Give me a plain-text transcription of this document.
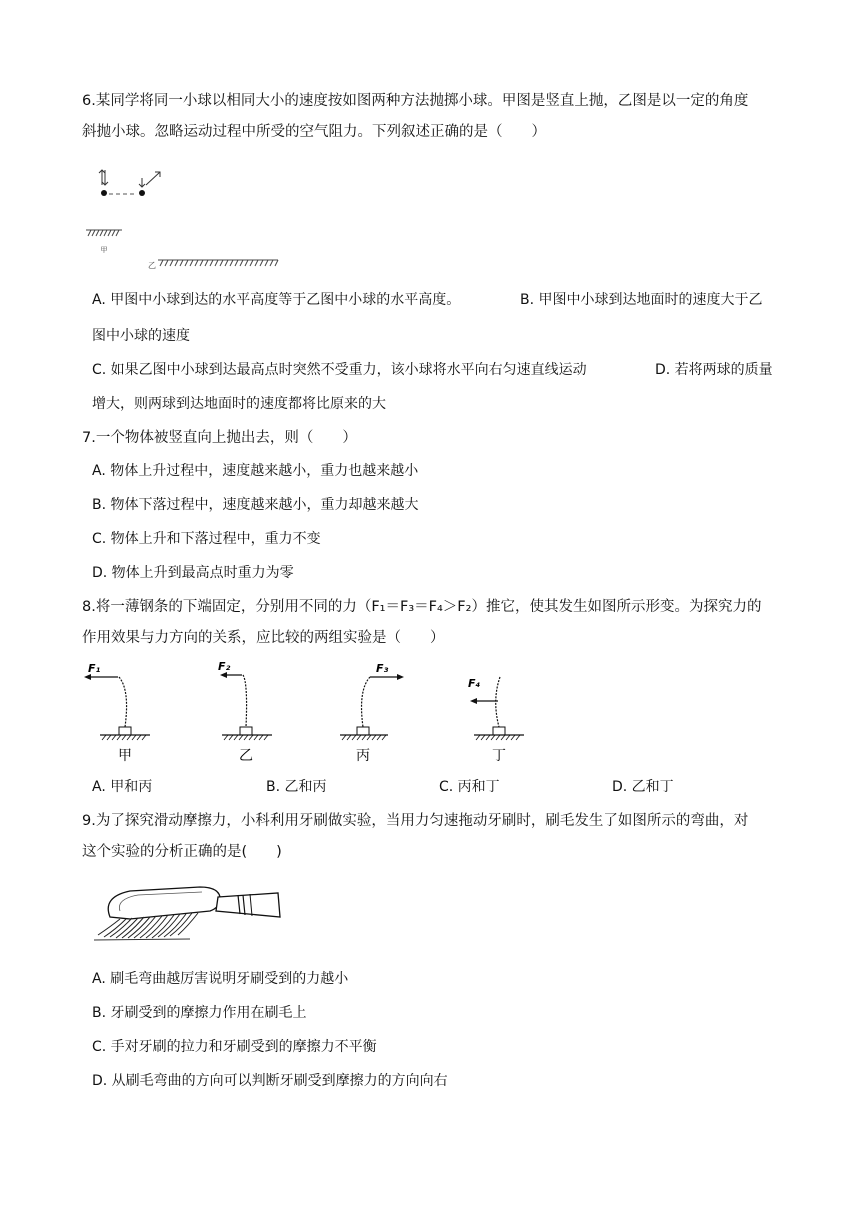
6.某同学将同一小球以相同大小的速度按如图两种方法抛掷小球。甲图是竖直上抛，乙图是以一定的角度
斜抛小球。忽略运动过程中所受的空气阻力。下列叙述正确的是（　　）
甲
乙
A. 甲图中小球到达的水平高度等于乙图中小球的水平高度。	B. 甲图中小球到达地面时的速度大于乙
图中小球的速度
C. 如果乙图中小球到达最高点时突然不受重力，该小球将水平向右匀速直线运动	D. 若将两球的质量
增大，则两球到达地面时的速度都将比原来的大
7.一个物体被竖直向上抛出去，则（　　）
A. 物体上升过程中，速度越来越小，重力也越来越小
B. 物体下落过程中，速度越来越小，重力却越来越大
C. 物体上升和下落过程中，重力不变
D. 物体上升到最高点时重力为零
8.将一薄钢条的下端固定，分别用不同的力（F₁＝F₃＝F₄＞F₂）推它，使其发生如图所示形变。为探究力的
作用效果与力方向的关系，应比较的两组实验是（　　）
F₁
甲
F₂
乙
F₃
丙
F₄
丁
A. 甲和丙	B. 乙和丙	C. 丙和丁	D. 乙和丁
9.为了探究滑动摩擦力，小科利用牙刷做实验，当用力匀速拖动牙刷时，刷毛发生了如图所示的弯曲，对
这个实验的分析正确的是(　　)
A. 刷毛弯曲越厉害说明牙刷受到的力越小
B. 牙刷受到的摩擦力作用在刷毛上
C. 手对牙刷的拉力和牙刷受到的摩擦力不平衡
D. 从刷毛弯曲的方向可以判断牙刷受到摩擦力的方向向右
